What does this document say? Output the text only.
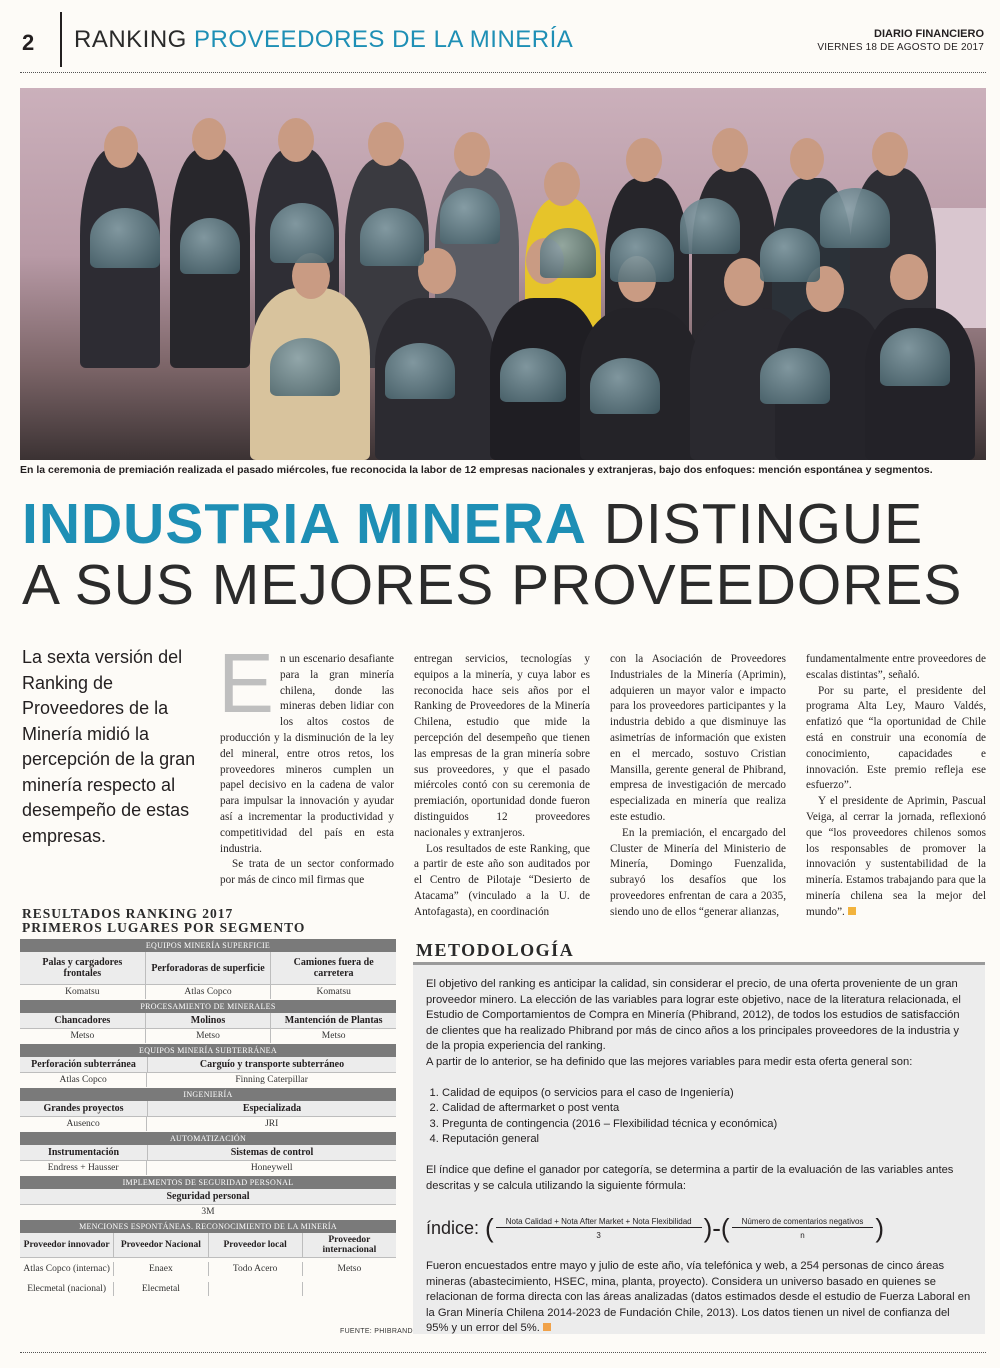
2 RANKING PROVEEDORES DE LA MINERÍA	DIARIO FINANCIERO
VIERNES 18 DE AGOSTO DE 2017
En la ceremonia de premiación realizada el pasado miércoles, fue reconocida la labor de 12 empresas nacionales y extranjeras, bajo dos enfoques: mención espontánea y segmentos.
INDUSTRIA MINERA DISTINGUE
A SUS MEJORES PROVEEDORES
La sexta versión del Ranking de Proveedores de la Minería midió la percepción de la gran minería respecto al desempeño de estas empresas.
E n un escenario desafiante para la gran minería chilena, donde las mineras deben lidiar con los altos costos de producción y la disminución de la ley del mineral, entre otros retos, los proveedores mineros cumplen un papel decisivo en la cadena de valor para impulsar la innovación y ayudar así a incrementar la productividad y competitividad del país en esta industria.

Se trata de un sector conformado por más de cinco mil firmas que

entregan servicios, tecnologías y equipos a la minería, y cuya labor es reconocida hace seis años por el Ranking de Proveedores de la Minería Chilena, estudio que mide la percepción del desempeño que tienen las empresas de la gran minería sobre sus proveedores, y que el pasado miércoles contó con su ceremonia de premiación, oportunidad donde fueron distinguidos 12 proveedores nacionales y extranjeros.

Los resultados de este Ranking, que a partir de este año son auditados por el Centro de Pilotaje “Desierto de Atacama” (vinculado a la U. de Antofagasta), en coordinación

con la Asociación de Proveedores Industriales de la Minería (Aprimin), adquieren un mayor valor e impacto para los proveedores participantes y la industria debido a que disminuye las asimetrías de información que existen en el mercado, sostuvo Cristian Mansilla, gerente general de Phibrand, empresa de investigación de mercado especializada en minería que realiza este estudio.

En la premiación, el encargado del Cluster de Minería del Ministerio de Minería, Domingo Fuenzalida, subrayó los desafíos que los proveedores enfrentan de cara a 2035, siendo uno de ellos “generar alianzas,

fundamentalmente entre proveedores de escalas distintas”, señaló.

Por su parte, el presidente del programa Alta Ley, Mauro Valdés, enfatizó que “la oportunidad de Chile está en construir una economía de conocimiento, capacidades e innovación. Este premio refleja ese esfuerzo”.

Y el presidente de Aprimin, Pascual Veiga, al cerrar la jornada, reflexionó que “los proveedores chilenos somos los responsables de promover la innovación y sustentabilidad de la minería. Estamos trabajando para que la minería chilena sea la mejor del mundo”.

RESULTADOS RANKING 2017
PRIMEROS LUGARES POR SEGMENTO
EQUIPOS MINERÍA SUPERFICIE
Palas y cargadores frontales	Perforadoras de superficie	Camiones fuera de carretera
Komatsu	Atlas Copco	Komatsu
PROCESAMIENTO DE MINERALES
Chancadores	Molinos	Mantención de Plantas
Metso	Metso	Metso
EQUIPOS MINERÍA SUBTERRÁNEA
Perforación subterránea	Carguío y transporte subterráneo
Atlas Copco	Finning Caterpillar
INGENIERÍA
Grandes proyectos	Especializada
Ausenco	JRI
AUTOMATIZACIÓN
Instrumentación	Sistemas de control
Endress + Hausser	Honeywell
IMPLEMENTOS DE SEGURIDAD PERSONAL
Seguridad personal
3M
MENCIONES ESPONTÁNEAS. RECONOCIMIENTO DE LA MINERÍA
Proveedor innovador	Proveedor Nacional	Proveedor local	Proveedor internacional
Atlas Copco (internac)	Enaex	Todo Acero	Metso
Elecmetal (nacional)	Elecmetal
FUENTE: PHIBRAND
METODOLOGÍA

El objetivo del ranking es anticipar la calidad, sin considerar el precio, de una oferta proveniente de un gran proveedor minero. La elección de las variables para lograr este objetivo, nace de la literatura relacionada, el Estudio de Comportamientos de Compra en Minería (Phibrand, 2012), de todos los estudios de satisfacción de clientes que ha realizado Phibrand por más de cinco años a los principales proveedores de la industria y de la propia experiencia del ranking.

A partir de lo anterior, se ha definido que las mejores variables para medir esta oferta general son:

1. Calidad de equipos (o servicios para el caso de Ingeniería)
2. Calidad de aftermarket o post venta
3. Pregunta de contingencia (2016 – Flexibilidad técnica y económica)
4. Reputación general

El índice que define el ganador por categoría, se determina a partir de la evaluación de las variables antes descritas y se calcula utilizando la siguiente fórmula:

índice: ( $\frac{\text{Nota Calidad + Nota After Market + Nota Flexibilidad}}{3}$ )-( $\frac{\text{Número de comentarios negativos}}{n}$ )

Fueron encuestados entre mayo y julio de este año, vía telefónica y web, a 254 personas de cinco áreas mineras (abastecimiento, HSEC, mina, planta, proyecto). Considera un universo basado en quienes se relacionan de forma directa con las áreas analizadas (datos estimados desde el estudio de Fuerza Laboral en la Gran Minería Chilena 2014-2023 de Fundación Chile, 2013). Los datos tienen un nivel de confianza del 95% y un error del 5%.
